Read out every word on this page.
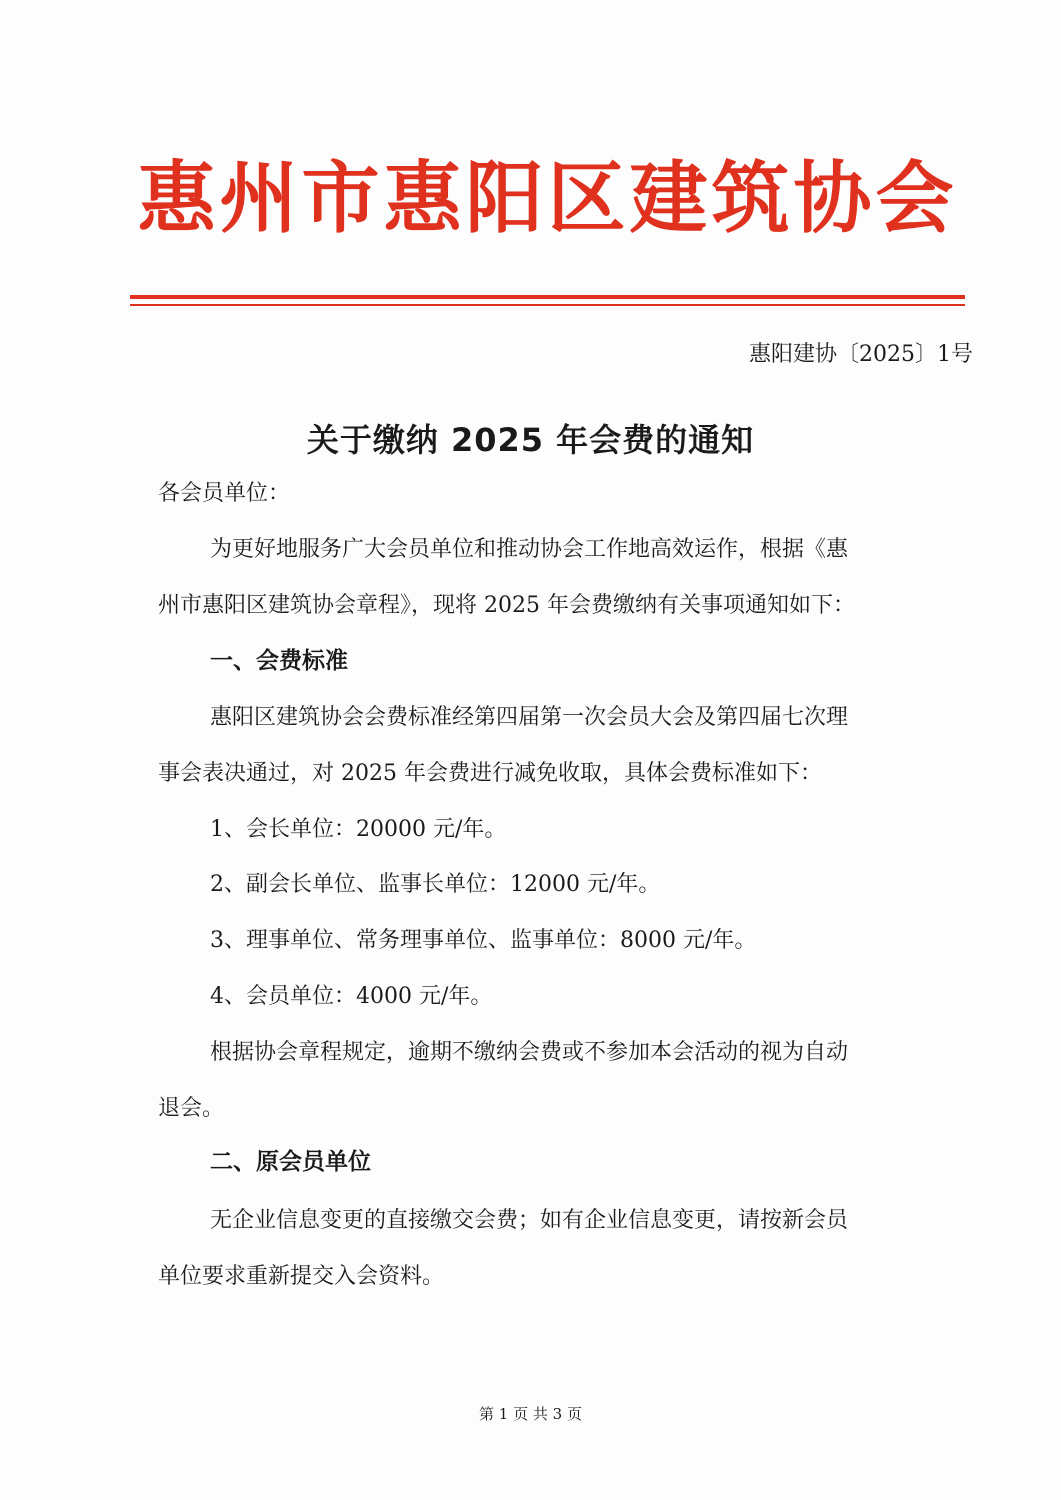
惠州市惠阳区建筑协会
惠阳建协〔2025〕1号
关于缴纳 2025 年会费的通知
各会员单位：
为更好地服务广大会员单位和推动协会工作地高效运作，根据《惠
州市惠阳区建筑协会章程》，现将 2025 年会费缴纳有关事项通知如下：
一、会费标准
惠阳区建筑协会会费标准经第四届第一次会员大会及第四届七次理
事会表决通过，对 2025 年会费进行减免收取，具体会费标准如下：
1、会长单位：20000 元/年。
2、副会长单位、监事长单位：12000 元/年。
3、理事单位、常务理事单位、监事单位：8000 元/年。
4、会员单位：4000 元/年。
根据协会章程规定，逾期不缴纳会费或不参加本会活动的视为自动
退会。
二、原会员单位
无企业信息变更的直接缴交会费；如有企业信息变更，请按新会员
单位要求重新提交入会资料。
第 1 页 共 3 页
